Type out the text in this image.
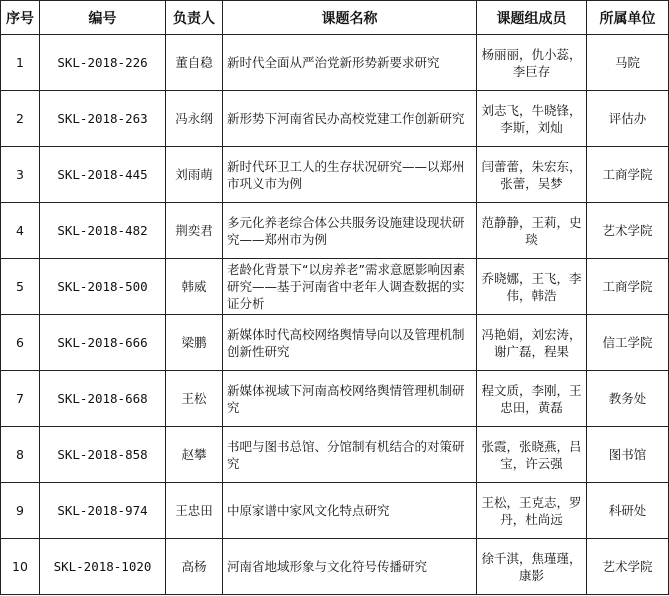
序号	编号	负责人	课题名称	课题组成员	所属单位
1	SKL-2018-226	董自稳	新时代全面从严治党新形势新要求研究	杨丽丽，仇小蕊，李巨存	马院
2	SKL-2018-263	冯永纲	新形势下河南省民办高校党建工作创新研究	刘志飞，牛晓锋，李斯，刘灿	评估办
3	SKL-2018-445	刘雨萌	新时代环卫工人的生存状况研究——以郑州市巩义市为例	闫蕾蕾，朱宏东，张蕾，吴梦	工商学院
4	SKL-2018-482	荆奕君	多元化养老综合体公共服务设施建设现状研究——郑州市为例	范静静，王莉，史琰	艺术学院
5	SKL-2018-500	韩威	老龄化背景下“以房养老”需求意愿影响因素研究——基于河南省中老年人调查数据的实证分析	乔晓娜，王飞，李伟，韩浩	工商学院
6	SKL-2018-666	梁鹏	新媒体时代高校网络舆情导向以及管理机制创新性研究	冯艳娟，刘宏涛，谢广磊，程果	信工学院
7	SKL-2018-668	王松	新媒体视域下河南高校网络舆情管理机制研究	程文质，李刚，王忠田，黄磊	教务处
8	SKL-2018-858	赵攀	书吧与图书总馆、分馆制有机结合的对策研究	张霞，张晓燕，吕宝，许云强	图书馆
9	SKL-2018-974	王忠田	中原家谱中家风文化特点研究	王松，王克志，罗丹，杜尚远	科研处
10	SKL-2018-1020	高杨	河南省地域形象与文化符号传播研究	徐千淇，焦瑾瑾，康影	艺术学院
